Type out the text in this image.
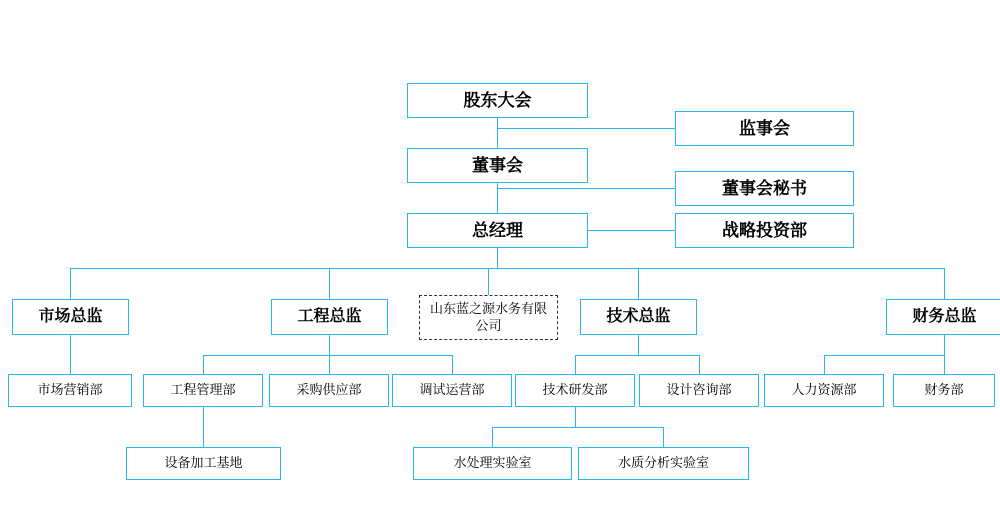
股东大会
监事会
董事会
董事会秘书
总经理	战略投资部
山东蓝之源水务有限公司
市场总监	工程总监	技术总监	财务总监
市场营销部	工程管理部	采购供应部	调试运营部	技术研发部	设计咨询部	人力资源部	财务部
设备加工基地	水处理实验室	水质分析实验室
